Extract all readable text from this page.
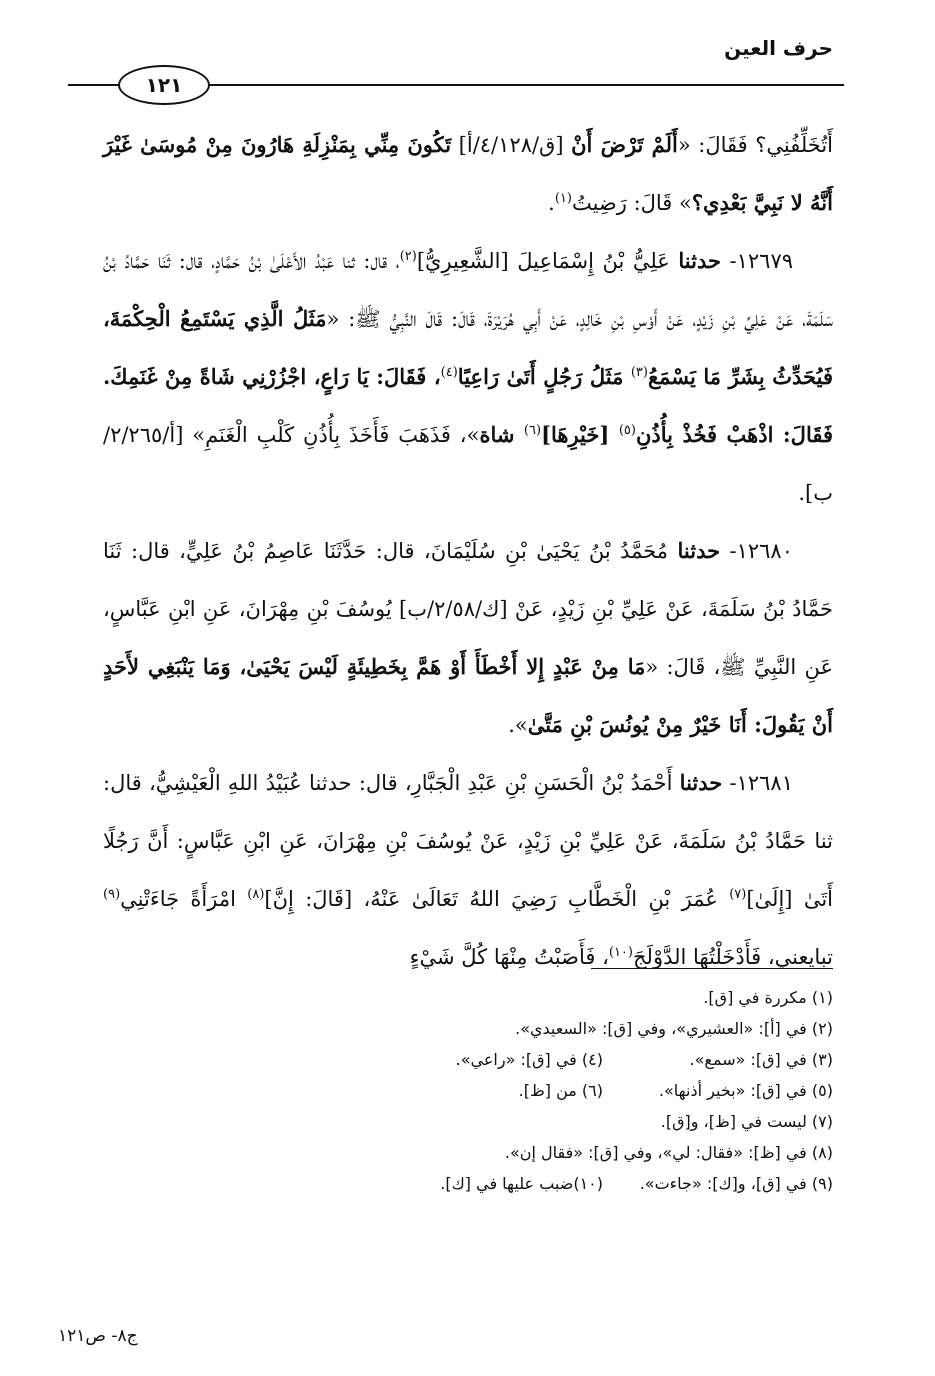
حرف العين
١٢١

أَتُخَلِّفُنِي؟ فَقَالَ: «أَلَمْ تَرْضَ أَنْ [ق/٤/١٢٨/أ] تَكُونَ مِنِّي بِمَنْزِلَةِ هَارُونَ مِنْ مُوسَىٰ غَيْرَ أَنَّهُ لا نَبِيَّ بَعْدِي؟» قَالَ: رَضِيتُ$^{(١)}$.

١٢٦٧٩- حدثنا عَلِيُّ بْنُ إِسْمَاعِيلَ [الشَّعِيرِيُّ]$^{(٢)}$، قال: ثنا عَبْدُ الأَعْلَىٰ بْنُ حَمَّادٍ، قال: ثَنَا حَمَّادُ بْنُ سَلَمَةَ، عَنْ عَلِيِّ بْنِ زَيْدٍ، عَنْ أَوْسِ بْنِ خَالِدٍ، عَنْ أَبِي هُرَيْرَةَ، قَالَ: قَالَ النَّبِيُّ ﷺ: «مَثَلُ الَّذِي يَسْتَمِعُ الْحِكْمَةَ، فَيُحَدِّثُ بِشَرِّ مَا يَسْمَعُ$^{(٣)}$ مَثَلُ رَجُلٍ أَتَىٰ رَاعِيًا$^{(٤)}$، فَقَالَ: يَا رَاعٍ، اجْزُرْنِي شَاةً مِنْ غَنَمِكَ. فَقَالَ: اذْهَبْ فَخُذْ بِأُذُنِ$^{(٥)}$ [خَيْرِهَا]$^{(٦)}$ شاة»، فَذَهَبَ فَأَخَذَ بِأُذُنِ كَلْبِ الْغَنَمِ» [أ/٢/٢٦٥/ب].

١٢٦٨٠- حدثنا مُحَمَّدُ بْنُ يَحْيَىٰ بْنِ سُلَيْمَانَ، قال: حَدَّثَنَا عَاصِمُ بْنُ عَلِيٍّ، قال: ثَنَا حَمَّادُ بْنُ سَلَمَةَ، عَنْ عَلِيِّ بْنِ زَيْدٍ، عَنْ [ك/٢/٥٨/ب] يُوسُفَ بْنِ مِهْرَانَ، عَنِ ابْنِ عَبَّاسٍ، عَنِ النَّبِيِّ ﷺ، قَالَ: «مَا مِنْ عَبْدٍ إِلا أَخْطَأَ أَوْ هَمَّ بِخَطِيئَةٍ لَيْسَ يَحْيَىٰ، وَمَا يَنْبَغِي لأَحَدٍ أَنْ يَقُولَ: أَنَا خَيْرٌ مِنْ يُونُسَ بْنِ مَتَّىٰ».

١٢٦٨١- حدثنا أَحْمَدُ بْنُ الْحَسَنِ بْنِ عَبْدِ الْجَبَّارِ، قال: حدثنا عُبَيْدُ اللهِ الْعَيْشِيُّ، قال: ثنا حَمَّادُ بْنُ سَلَمَةَ، عَنْ عَلِيِّ بْنِ زَيْدٍ، عَنْ يُوسُفَ بْنِ مِهْرَانَ، عَنِ ابْنِ عَبَّاسٍ: أَنَّ رَجُلًا أَتَىٰ [إِلَىٰ]$^{(٧)}$ عُمَرَ بْنِ الْخَطَّابِ رَضِيَ اللهُ تَعَالَىٰ عَنْهُ، [قَالَ: إِنَّ]$^{(٨)}$ امْرَأَةً جَاءَتْنِي$^{(٩)}$ تبايعني، فَأَدْخَلْتُهَا الدَّوْلَجَ$^{(١٠)}$، فَأَصَبْتُ مِنْهَا كُلَّ شَيْءٍ

(١) مكررة في [ق].
(٢) في [أ]: «العشيري»، وفي [ق]: «السعيدي».
(٣) في [ق]: «سمع».(٤) في [ق]: «راعي».
(٥) في [ق]: «بخير أذنها».(٦) من [ظ].
(٧) ليست في [ظ]، و[ق].
(٨) في [ظ]: «فقال: لي»، وفي [ق]: «فقال إن».
(٩) في [ق]، و[ك]: «جاءت».(١٠)ضبب عليها في [ك].
ج٨- ص١٢١
